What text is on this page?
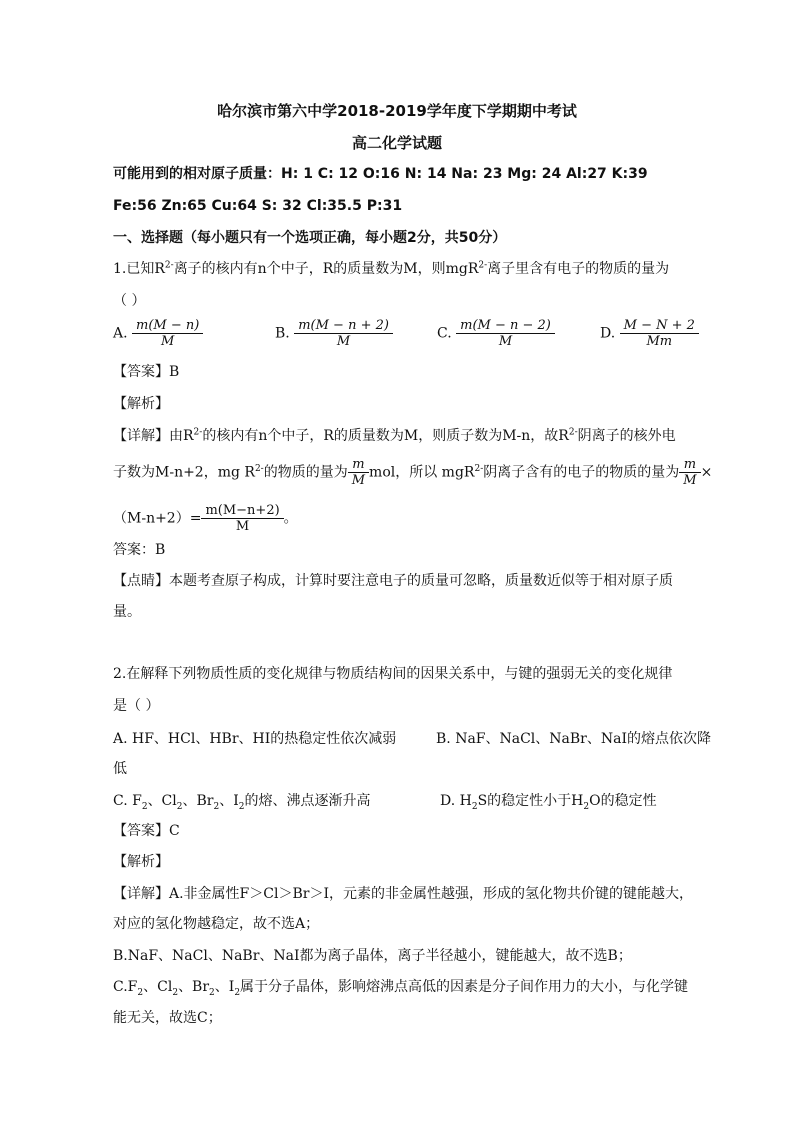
哈尔滨市第六中学2018-2019学年度下学期期中考试
高二化学试题
可能用到的相对原子质量：H: 1 C: 12 O:16 N: 14 Na: 23 Mg: 24 Al:27 K:39
Fe:56 Zn:65 Cu:64 S: 32 Cl:35.5 P:31
一、选择题（每小题只有一个选项正确，每小题2分，共50分）
1.已知$R^{2-}$离子的核内有n个中子，R的质量数为M，则mgR$^{2-}$离子里含有电子的物质的量为
（ ）
A. $\frac{m(M - n)}{M}$	B. $\frac{m(M - n + 2)}{M}$	C. $\frac{m(M - n - 2)}{M}$	D. $\frac{M - N + 2}{Mm}$
【答案】B
【解析】
【详解】由$R^{2-}$的核内有n个中子，R的质量数为M，则质子数为M-n，故$R^{2-}$阴离子的核外电
子数为M-n+2，mg $R^{2-}$的物质的量为 $\frac{m}{M}$ mol，所以 mgR$^{2-}$阴离子含有的电子的物质的量为 $\frac{m}{M}$ ×
$(M-n+2)= \frac{m(M-n+2)}{M}$ 。
答案：B
【点睛】本题考查原子构成，计算时要注意电子的质量可忽略，质量数近似等于相对原子质
量。
2.在解释下列物质性质的变化规律与物质结构间的因果关系中，与键的强弱无关的变化规律
是（ ）
A. HF、HCl、HBr、HI的热稳定性依次减弱	B. NaF、NaCl、NaBr、NaI的熔点依次降
低
C. $F_2$、$Cl_2$、$Br_2$、$I_2$的熔、沸点逐渐升高	D. $H_2S$的稳定性小于$H_2O$的稳定性
【答案】C
【解析】
【详解】A.非金属性F＞Cl＞Br＞I，元素的非金属性越强，形成的氢化物共价键的键能越大，
对应的氢化物越稳定，故不选A；
B.NaF、NaCl、NaBr、NaI都为离子晶体，离子半径越小，键能越大，故不选B；
$C.F_2$、$Cl_2$、$Br_2$、$I_2$属于分子晶体，影响熔沸点高低的因素是分子间作用力的大小，与化学键
能无关，故选C；
